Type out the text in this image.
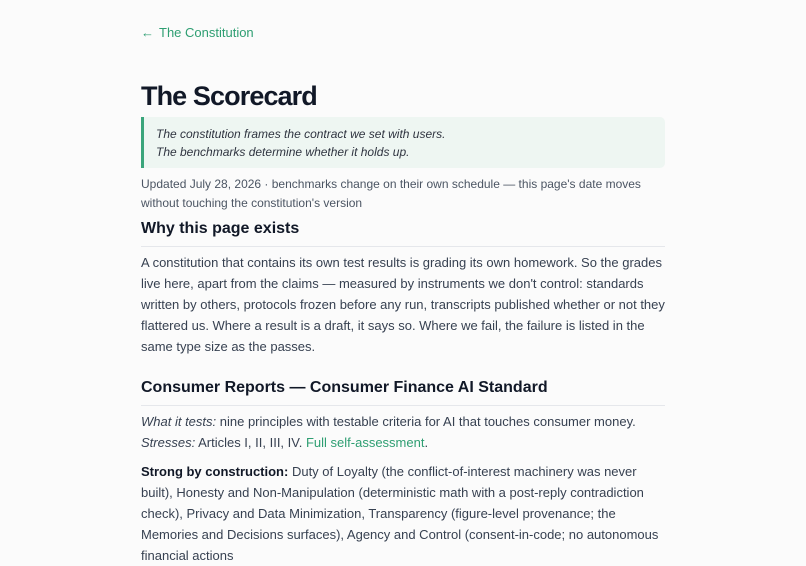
← The Constitution
The Scorecard

The constitution frames the contract we set with users.

The benchmarks determine whether it holds up.

Updated July 28, 2026 · benchmarks change on their own schedule — this page's date moves without touching the constitution's version
Why this page exists

A constitution that contains its own test results is grading its own homework. So the grades live here, apart from the claims — measured by instruments we don't control: standards written by others, protocols frozen before any run, transcripts published whether or not they flattered us. Where a result is a draft, it says so. Where we fail, the failure is listed in the same type size as the passes.

Consumer Reports — Consumer Finance AI Standard

What it tests: nine principles with testable criteria for AI that touches consumer money.
Stresses: Articles I, II, III, IV. Full self-assessment.

Strong by construction: Duty of Loyalty (the conflict-of-interest machinery was never built), Honesty and Non-Manipulation (deterministic math with a post-reply contradiction check), Privacy and Data Minimization, Transparency (figure-level provenance; the Memories and Decisions surfaces), Agency and Control (consent-in-code; no autonomous financial actions
